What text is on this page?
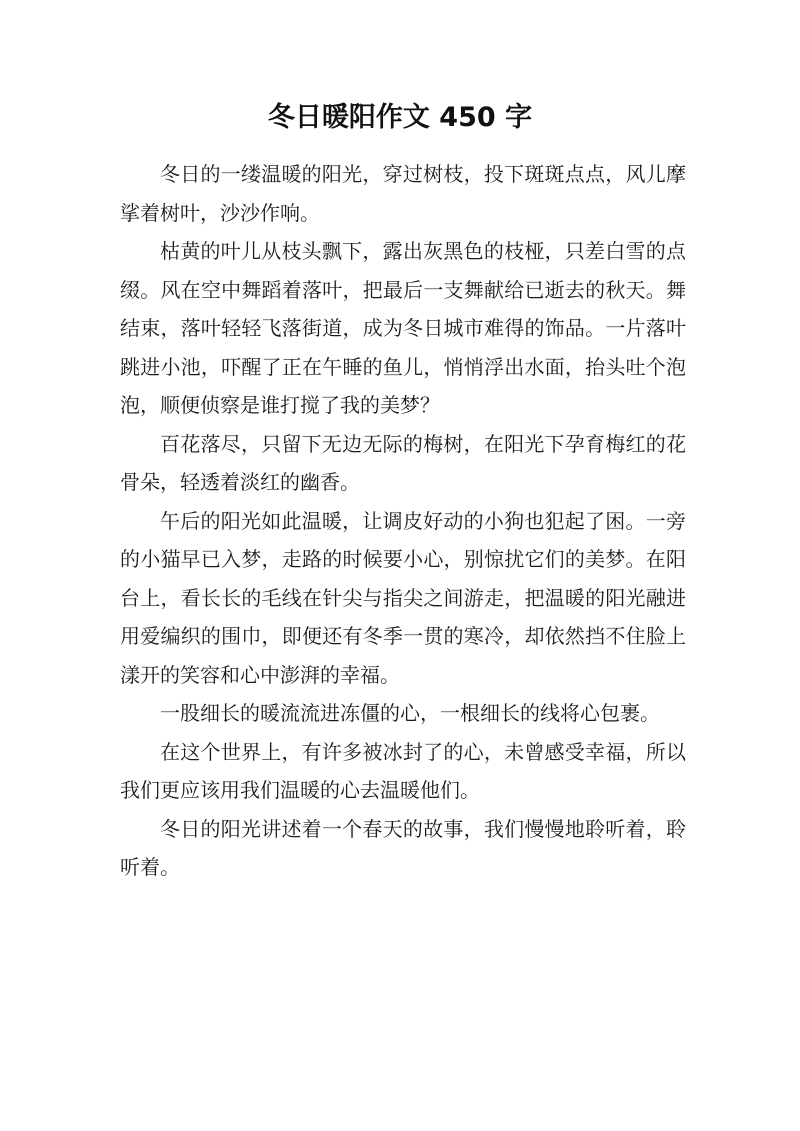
冬日暖阳作文 450 字

冬日的一缕温暖的阳光，穿过树枝，投下斑斑点点，风儿摩挲着树叶，沙沙作响。

枯黄的叶儿从枝头飘下，露出灰黑色的枝桠，只差白雪的点缀。风在空中舞蹈着落叶，把最后一支舞献给已逝去的秋天。舞结束，落叶轻轻飞落街道，成为冬日城市难得的饰品。一片落叶跳进小池，吓醒了正在午睡的鱼儿，悄悄浮出水面，抬头吐个泡泡，顺便侦察是谁打搅了我的美梦？

百花落尽，只留下无边无际的梅树，在阳光下孕育梅红的花骨朵，轻透着淡红的幽香。

午后的阳光如此温暖，让调皮好动的小狗也犯起了困。一旁的小猫早已入梦，走路的时候要小心，别惊扰它们的美梦。在阳台上，看长长的毛线在针尖与指尖之间游走，把温暖的阳光融进用爱编织的围巾，即便还有冬季一贯的寒冷，却依然挡不住脸上漾开的笑容和心中澎湃的幸福。

一股细长的暖流流进冻僵的心，一根细长的线将心包裹。

在这个世界上，有许多被冰封了的心，未曾感受幸福，所以我们更应该用我们温暖的心去温暖他们。

冬日的阳光讲述着一个春天的故事，我们慢慢地聆听着，聆听着。
